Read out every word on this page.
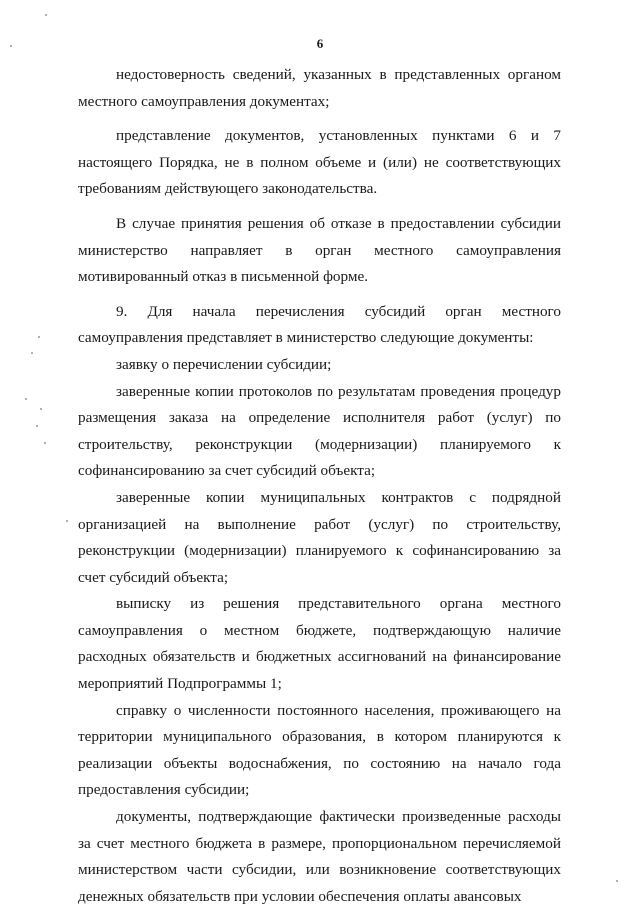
6

недостоверность сведений, указанных в представленных органом местного самоуправления документах;

представление документов, установленных пунктами 6 и 7 настоящего Порядка, не в полном объеме и (или) не соответствующих требованиям действующего законодательства.

В случае принятия решения об отказе в предоставлении субсидии министерство направляет в орган местного самоуправления мотивированный отказ в письменной форме.

9. Для начала перечисления субсидий орган местного самоуправления представляет в министерство следующие документы:

заявку о перечислении субсидии;

заверенные копии протоколов по результатам проведения процедур размещения заказа на определение исполнителя работ (услуг) по строительству, реконструкции (модернизации) планируемого к софинансированию за счет субсидий объекта;

заверенные копии муниципальных контрактов с подрядной организацией на выполнение работ (услуг) по строительству, реконструкции (модернизации) планируемого к софинансированию за счет субсидий объекта;

выписку из решения представительного органа местного самоуправления о местном бюджете, подтверждающую наличие расходных обязательств и бюджетных ассигнований на финансирование мероприятий Подпрограммы 1;

справку о численности постоянного населения, проживающего на территории муниципального образования, в котором планируются к реализации объекты водоснабжения, по состоянию на начало года предоставления субсидии;

документы, подтверждающие фактически произведенные расходы за счет местного бюджета в размере, пропорциональном перечисляемой министерством части субсидии, или возникновение соответствующих денежных обязательств при условии обеспечения оплаты авансовых
